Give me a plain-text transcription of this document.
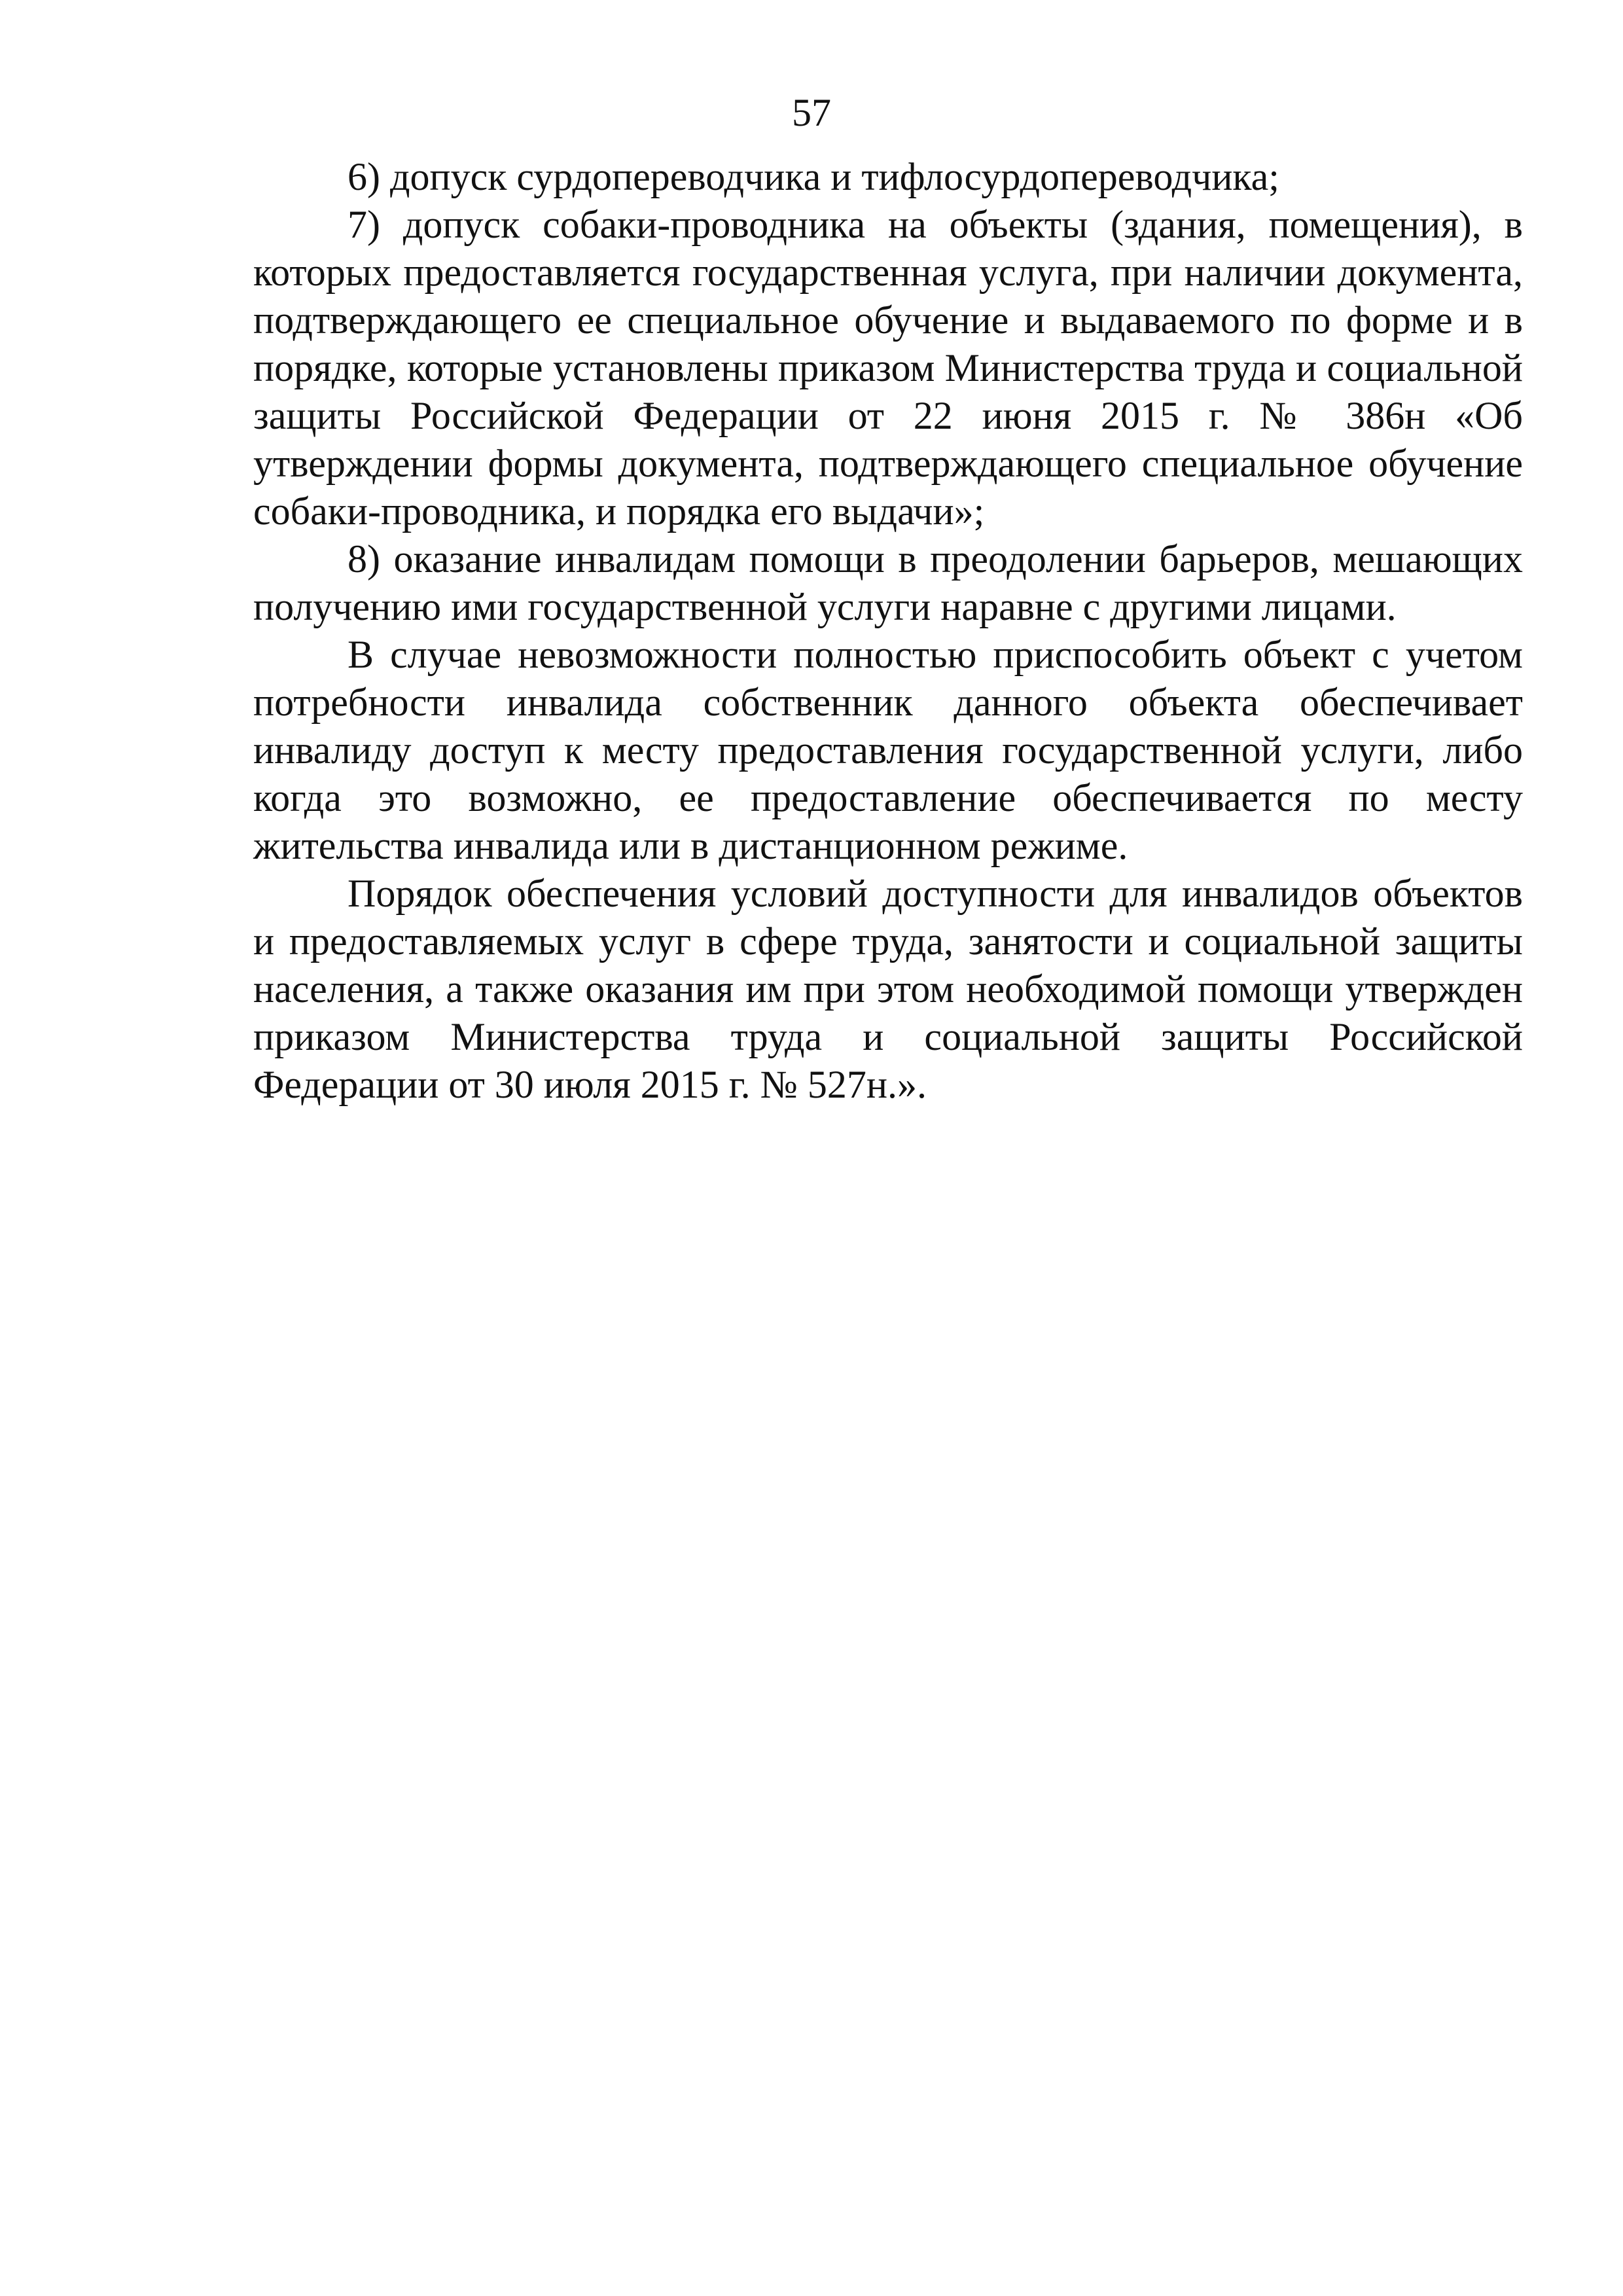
57

6) допуск сурдопереводчика и тифлосурдопереводчика;

7) допуск собаки-проводника на объекты (здания, помещения), в которых предоставляется государственная услуга, при наличии документа, подтверждающего ее специальное обучение и выдаваемого по форме и в порядке, которые установлены приказом Министерства труда и социальной защиты Российской Федерации от 22 июня 2015 г. № 386н «Об утверждении формы документа, подтверждающего специальное обучение собаки-проводника, и порядка его выдачи»;

8) оказание инвалидам помощи в преодолении барьеров, мешающих получению ими государственной услуги наравне с другими лицами.

В случае невозможности полностью приспособить объект с учетом потребности инвалида собственник данного объекта обеспечивает инвалиду доступ к месту предоставления государственной услуги, либо когда это возможно, ее предоставление обеспечивается по месту жительства инвалида или в дистанционном режиме.

Порядок обеспечения условий доступности для инвалидов объектов и предоставляемых услуг в сфере труда, занятости и социальной защиты населения, а также оказания им при этом необходимой помощи утвержден приказом Министерства труда и социальной защиты Российской Федерации от 30 июля 2015 г. № 527н.».
